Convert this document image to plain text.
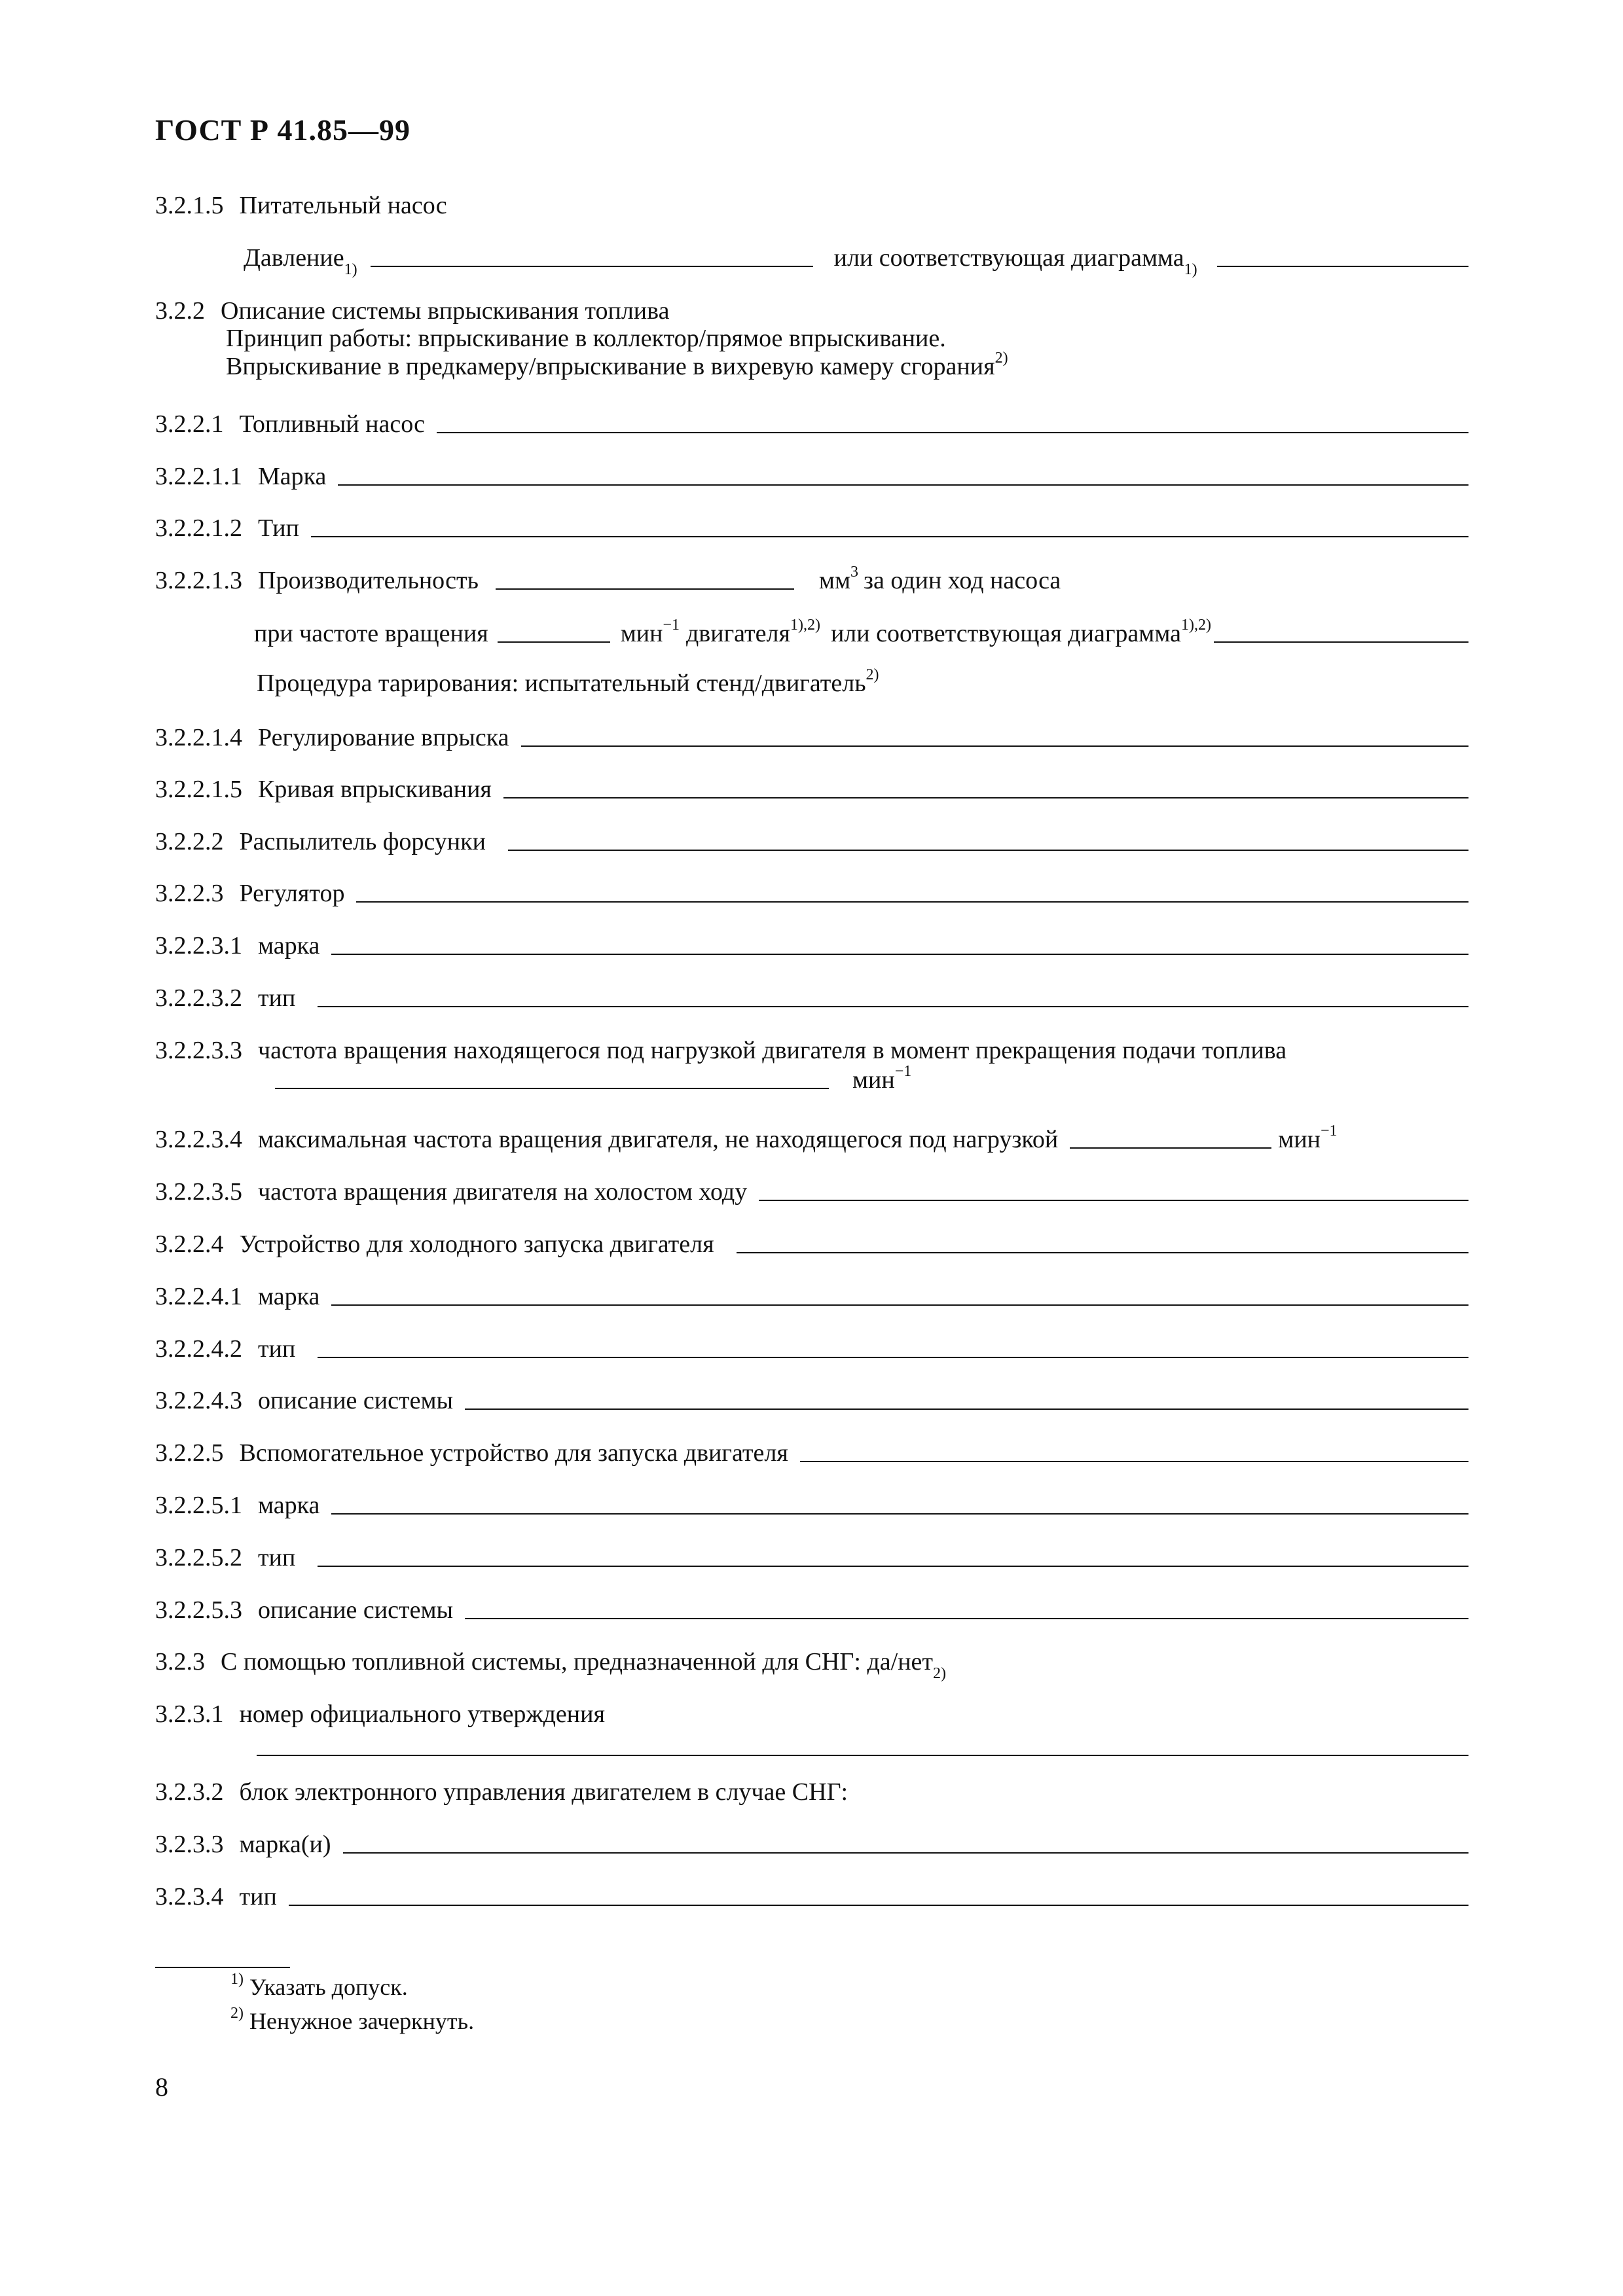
ГОСТ Р 41.85—99
3.2.1.5 Питательный насос
Давление$^{1)}$	или соответствующая диаграмма$^{1)}$
3.2.2 Описание системы впрыскивания топлива
Принцип работы: впрыскивание в коллектор/прямое впрыскивание.
Впрыскивание в предкамеру/впрыскивание в вихревую камеру сгорания$^{2)}$
3.2.2.1 Топливный насос
3.2.2.1.1 Марка
3.2.2.1.2 Тип
3.2.2.1.3 Производительность	$мм^3$ за один ход насоса
при частоте вращения	мин$^{-1}$ двигателя$^{1),2)}$ или соответствующая диаграмма$^{1),2)}$
Процедура тарирования: испытательный стенд/двигатель$^{2)}$
3.2.2.1.4 Регулирование впрыска
3.2.2.1.5 Кривая впрыскивания
3.2.2.2 Распылитель форсунки
3.2.2.3 Регулятор
3.2.2.3.1 марка
3.2.2.3.2 тип
3.2.2.3.3 частота вращения находящегося под нагрузкой двигателя в момент прекращения подачи топлива
мин$^{-1}$
3.2.2.3.4 максимальная частота вращения двигателя, не находящегося под нагрузкой	мин$^{-1}$
3.2.2.3.5 частота вращения двигателя на холостом ходу
3.2.2.4 Устройство для холодного запуска двигателя
3.2.2.4.1 марка
3.2.2.4.2 тип
3.2.2.4.3 описание системы
3.2.2.5 Вспомогательное устройство для запуска двигателя
3.2.2.5.1 марка
3.2.2.5.2 тип
3.2.2.5.3 описание системы
3.2.3 С помощью топливной системы, предназначенной для СНГ: да/нет$^{2)}$
3.2.3.1 номер официального утверждения
3.2.3.2 блок электронного управления двигателем в случае СНГ:
3.2.3.3 марка(и)
3.2.3.4 тип
$^{1)}$ Указать допуск.
$^{2)}$ Ненужное зачеркнуть.
8
